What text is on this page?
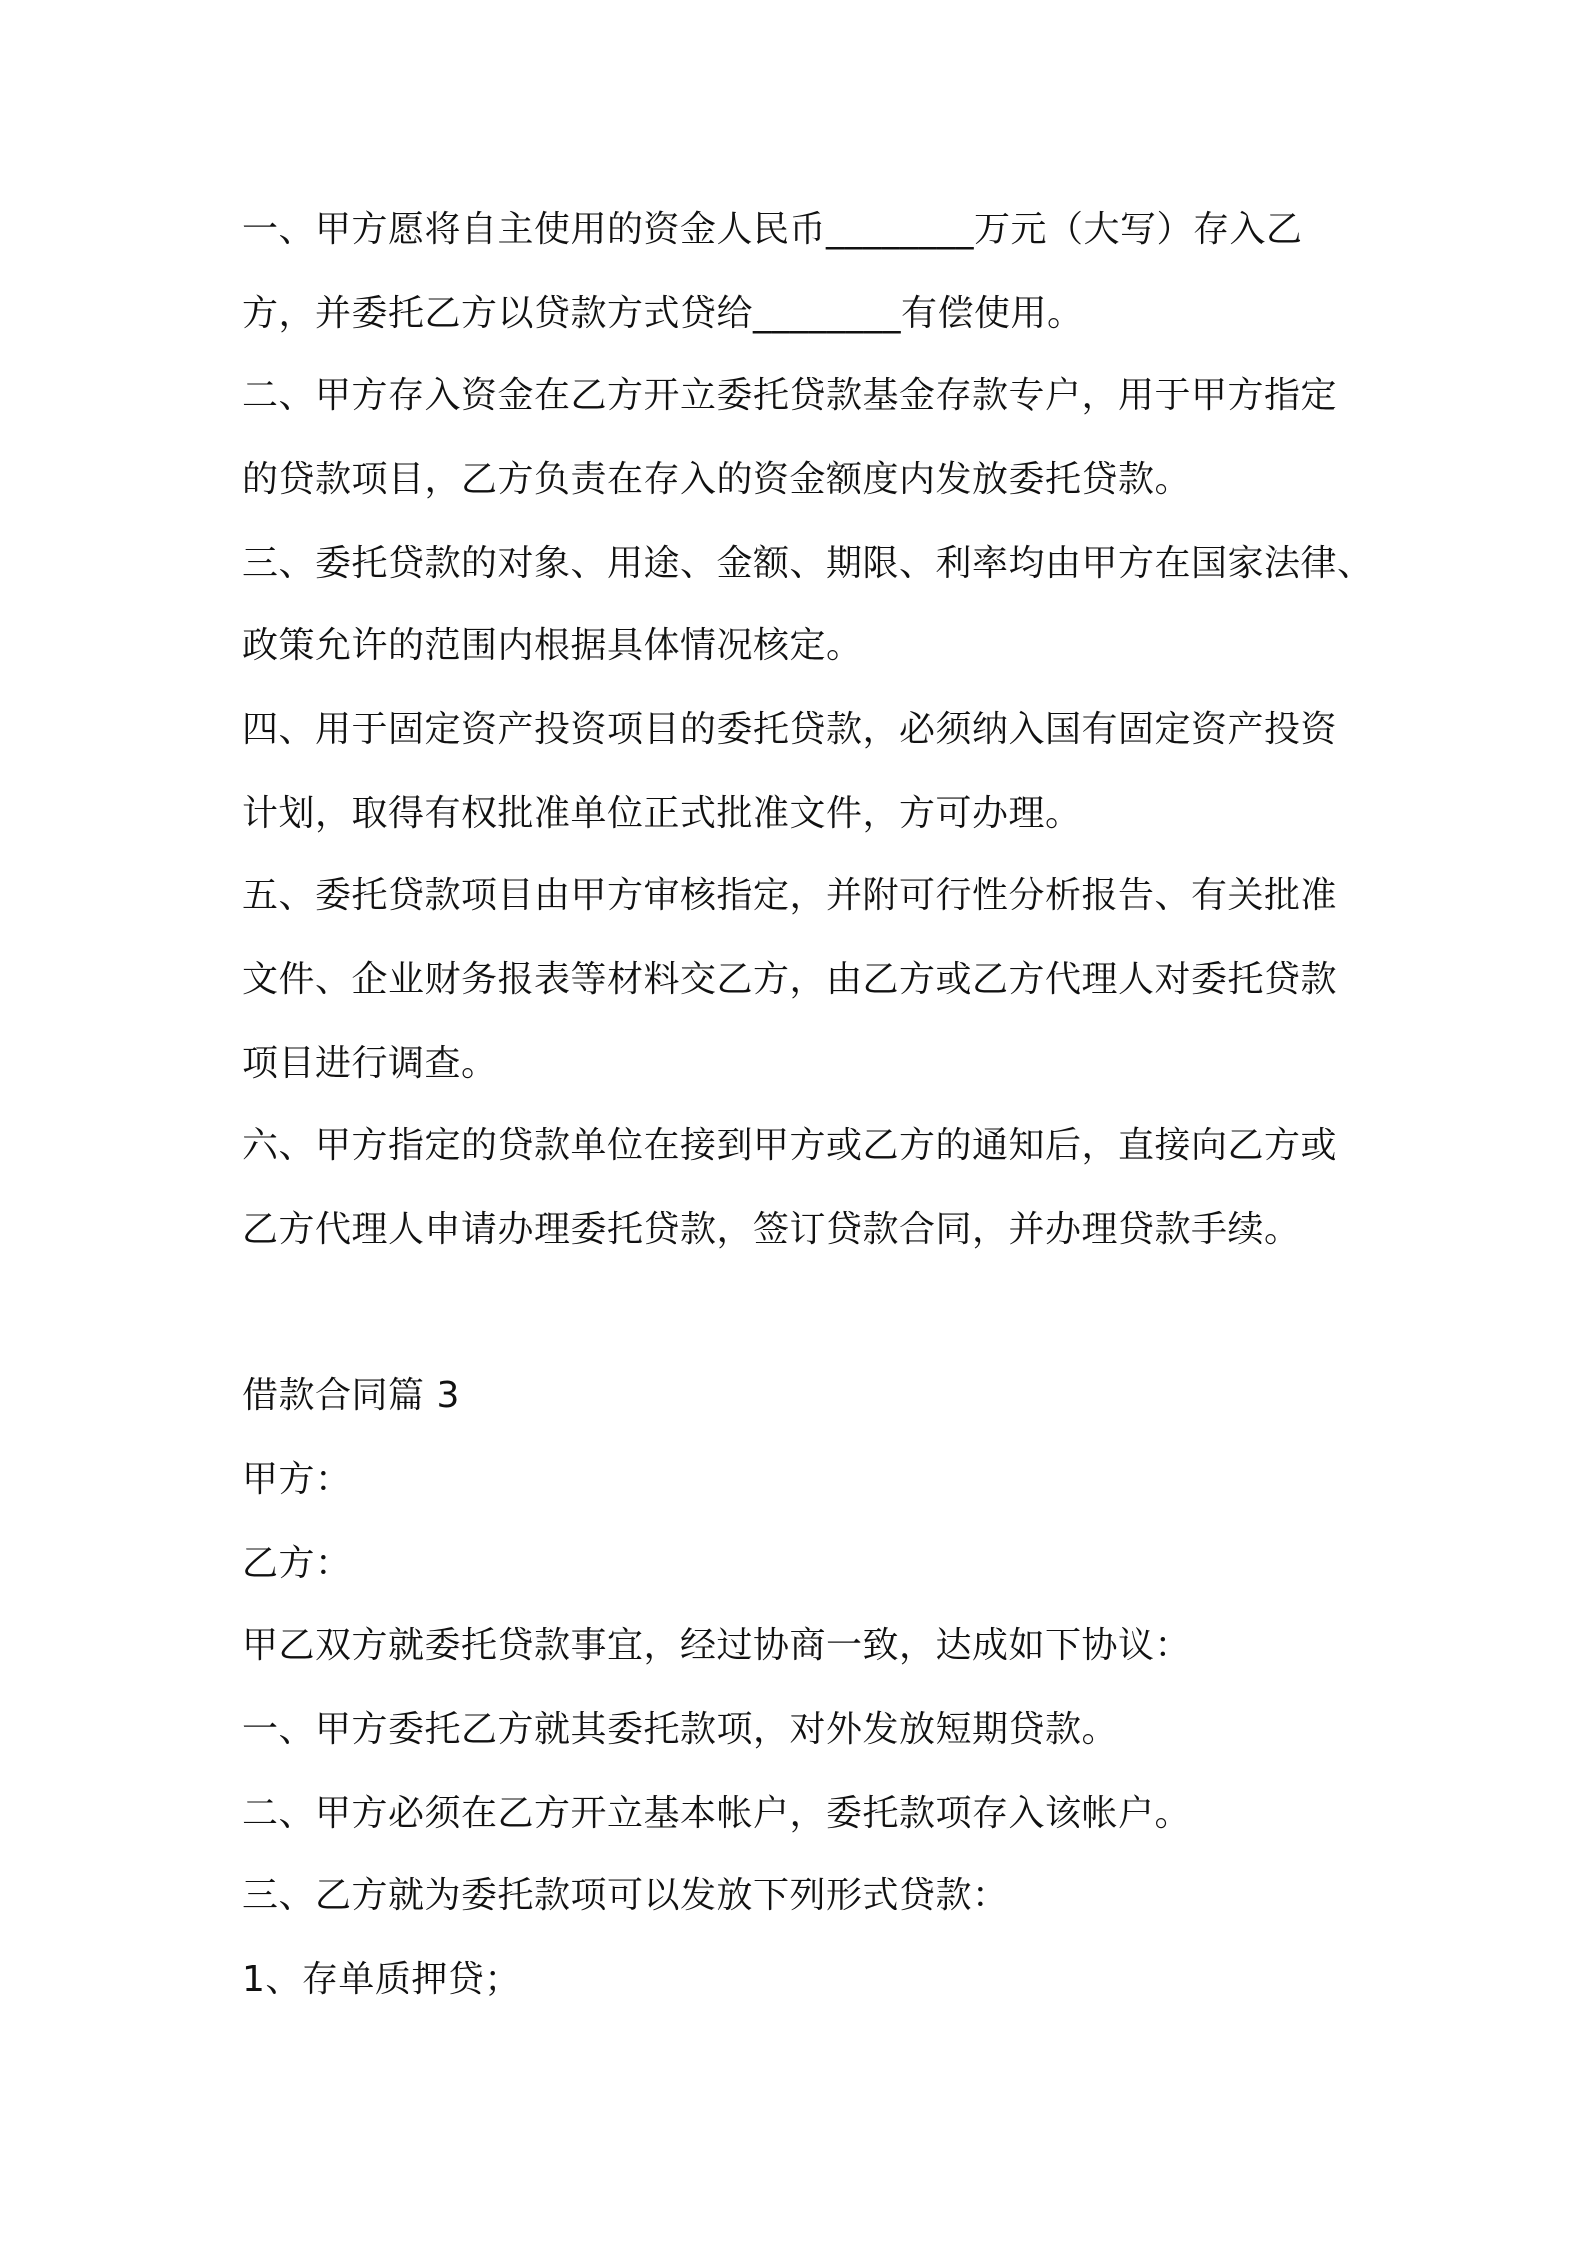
一、甲方愿将自主使用的资金人民币________万元（大写）存入乙
方，并委托乙方以贷款方式贷给________有偿使用。
二、甲方存入资金在乙方开立委托贷款基金存款专户，用于甲方指定
的贷款项目，乙方负责在存入的资金额度内发放委托贷款。
三、委托贷款的对象、用途、金额、期限、利率均由甲方在国家法律、
政策允许的范围内根据具体情况核定。
四、用于固定资产投资项目的委托贷款，必须纳入国有固定资产投资
计划，取得有权批准单位正式批准文件，方可办理。
五、委托贷款项目由甲方审核指定，并附可行性分析报告、有关批准
文件、企业财务报表等材料交乙方，由乙方或乙方代理人对委托贷款
项目进行调查。
六、甲方指定的贷款单位在接到甲方或乙方的通知后，直接向乙方或
乙方代理人申请办理委托贷款，签订贷款合同，并办理贷款手续。
借款合同篇 3
甲方：
乙方：
甲乙双方就委托贷款事宜，经过协商一致，达成如下协议：
一、甲方委托乙方就其委托款项，对外发放短期贷款。
二、甲方必须在乙方开立基本帐户，委托款项存入该帐户。
三、乙方就为委托款项可以发放下列形式贷款：
1、存单质押贷；
